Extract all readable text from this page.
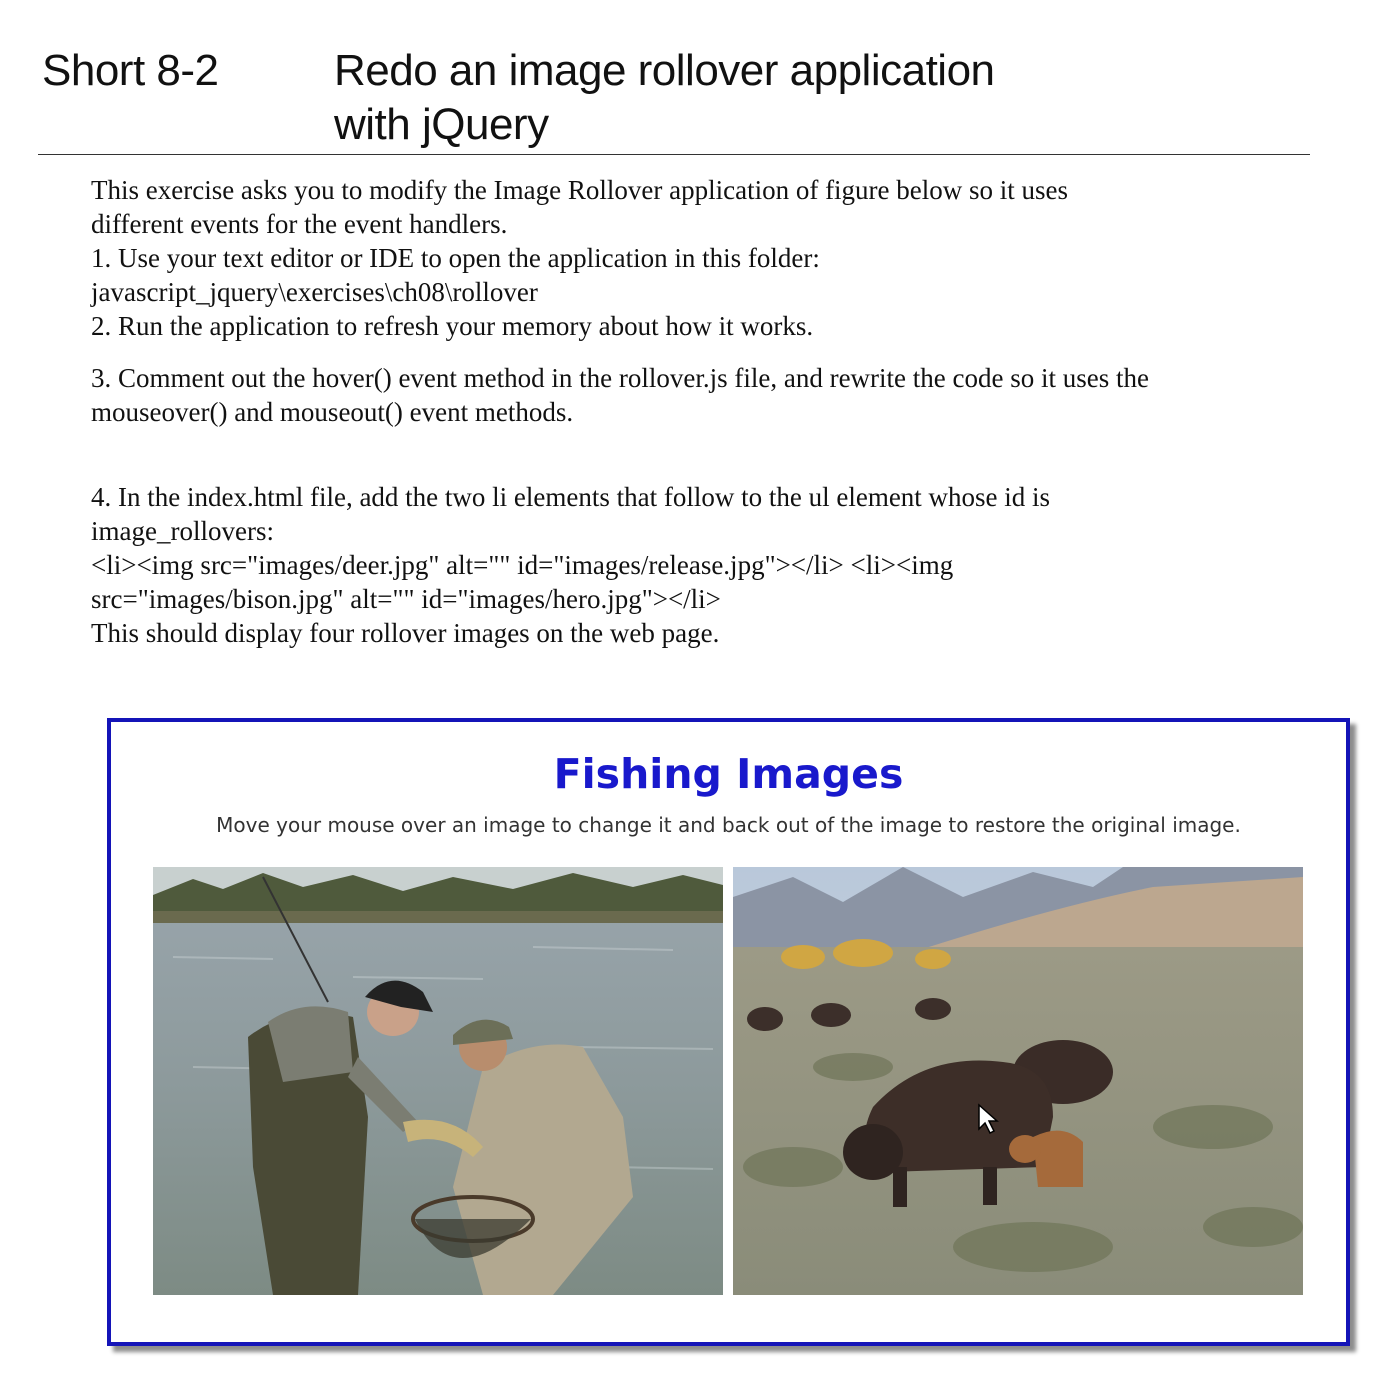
Short 8-2	Redo an image rollover application
with jQuery

This exercise asks you to modify the Image Rollover application of figure below so it uses different events for the event handlers.

1. Use your text editor or IDE to open the application in this folder:

javascript_jquery\exercises\ch08\rollover

2. Run the application to refresh your memory about how it works.

3. Comment out the hover() event method in the rollover.js file, and rewrite the code so it uses the mouseover() and mouseout() event methods.

4. In the index.html file, add the two li elements that follow to the ul element whose id is image_rollovers:

<li><img src="images/deer.jpg" alt="" id="images/release.jpg"></li> <li><img src="images/bison.jpg" alt="" id="images/hero.jpg"></li>

This should display four rollover images on the web page.

Fishing Images
Move your mouse over an image to change it and back out of the image to restore the original image.
